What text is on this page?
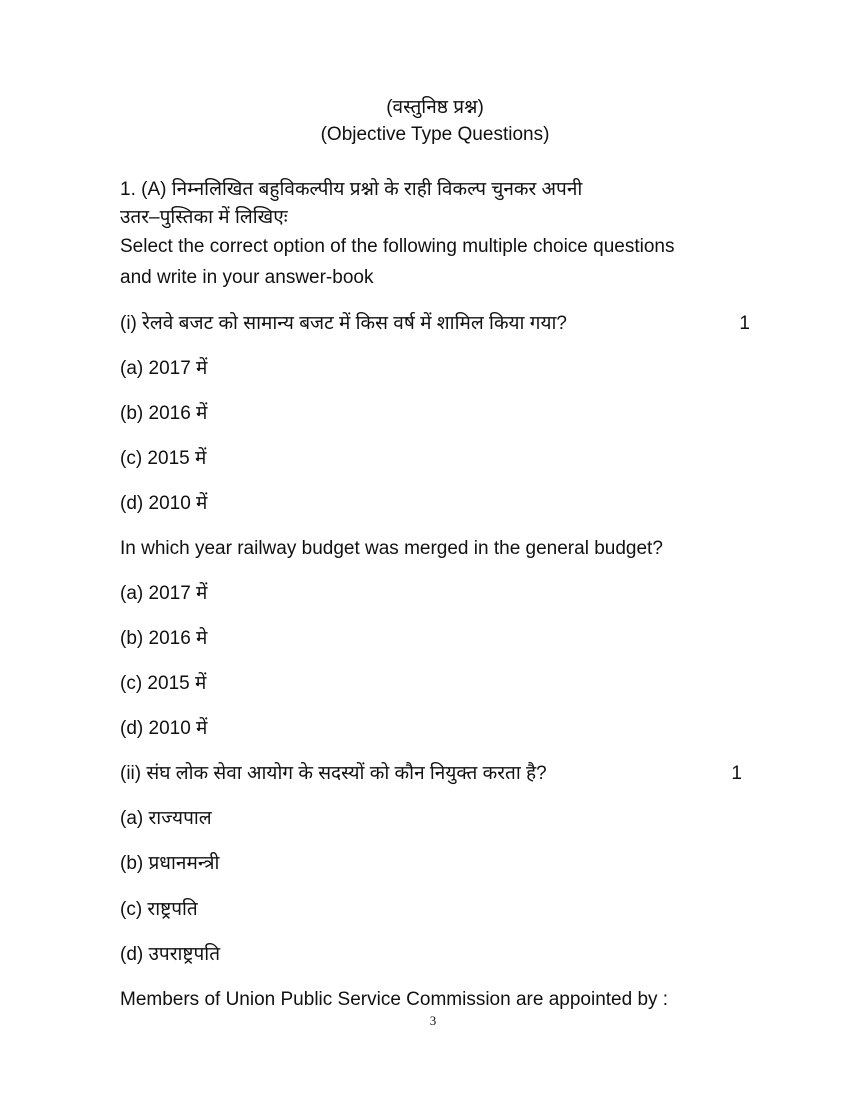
(वस्तुनिष्ठ प्रश्न)
(Objective Type Questions)
1. (A) निम्नलिखित बहुविकल्पीय प्रश्नो के राही विकल्प चुनकर अपनी
उतर–पुस्तिका में लिखिएः
Select the correct option of the following multiple choice questions
and write in your answer-book
(i) रेलवे बजट को सामान्य बजट में किस वर्ष में शामिल किया गया?	1
(a) 2017 में
(b) 2016 में
(c) 2015 में
(d) 2010 में
In which year railway budget was merged in the general budget?
(a) 2017 में
(b) 2016 मे
(c) 2015 में
(d) 2010 में
(ii) संघ लोक सेवा आयोग के सदस्यों को कौन नियुक्त करता है?	1
(a) राज्यपाल
(b) प्रधानमन्त्री
(c) राष्ट्रपति
(d) उपराष्ट्रपति
Members of Union Public Service Commission are appointed by :
3
